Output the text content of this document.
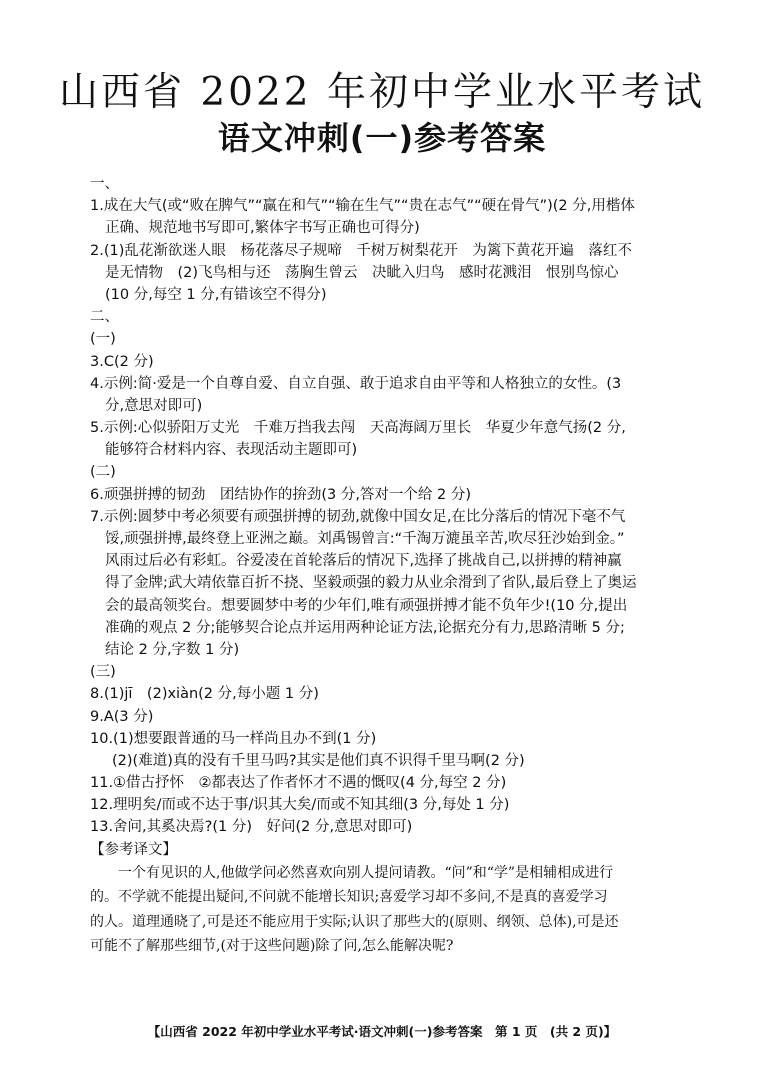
山西省 2022 年初中学业水平考试
语文冲刺(一)参考答案
一、
1.成在大气(或“败在脾气”“赢在和气”“输在生气”“贵在志气”“硬在骨气”)(2 分,用楷体
正确、规范地书写即可,繁体字书写正确也可得分)
2.(1)乱花渐欲迷人眼　杨花落尽子规啼　千树万树梨花开　为篱下黄花开遍　落红不
是无情物　(2)飞鸟相与还　荡胸生曾云　决眦入归鸟　感时花溅泪　恨别鸟惊心
(10 分,每空 1 分,有错该空不得分)
二、
(一)
3.C(2 分)
4.示例:简·爱是一个自尊自爱、自立自强、敢于追求自由平等和人格独立的女性。(3
分,意思对即可)
5.示例:心似骄阳万丈光　千难万挡我去闯　天高海阔万里长　华夏少年意气扬(2 分,
能够符合材料内容、表现活动主题即可)
(二)
6.顽强拼搏的韧劲　团结协作的拚劲(3 分,答对一个给 2 分)
7.示例:圆梦中考必须要有顽强拼搏的韧劲,就像中国女足,在比分落后的情况下毫不气
馁,顽强拼搏,最终登上亚洲之巅。刘禹锡曾言:“千淘万漉虽辛苦,吹尽狂沙始到金。”
风雨过后必有彩虹。谷爱凌在首轮落后的情况下,选择了挑战自己,以拼搏的精神赢
得了金牌;武大靖依靠百折不挠、坚毅顽强的毅力从业余滑到了省队,最后登上了奥运
会的最高领奖台。想要圆梦中考的少年们,唯有顽强拼搏才能不负年少!(10 分,提出
准确的观点 2 分;能够契合论点并运用两种论证方法,论据充分有力,思路清晰 5 分;
结论 2 分,字数 1 分)
(三)
8.(1)jī　(2)xiàn(2 分,每小题 1 分)
9.A(3 分)
10.(1)想要跟普通的马一样尚且办不到(1 分)
(2)(难道)真的没有千里马吗?其实是他们真不识得千里马啊(2 分)
11.①借古抒怀　②都表达了作者怀才不遇的慨叹(4 分,每空 2 分)
12.理明矣/而或不达于事/识其大矣/而或不知其细(3 分,每处 1 分)
13.舍问,其奚决焉?(1 分)　好问(2 分,意思对即可)
【参考译文】
　　一个有见识的人,他做学问必然喜欢向别人提问请教。“问”和“学”是相辅相成进行
的。不学就不能提出疑问,不问就不能增长知识;喜爱学习却不多问,不是真的喜爱学习
的人。道理通晓了,可是还不能应用于实际;认识了那些大的(原则、纲领、总体),可是还
可能不了解那些细节,(对于这些问题)除了问,怎么能解决呢?
【山西省 2022 年初中学业水平考试·语文冲刺(一)参考答案　第 1 页　(共 2 页)】
